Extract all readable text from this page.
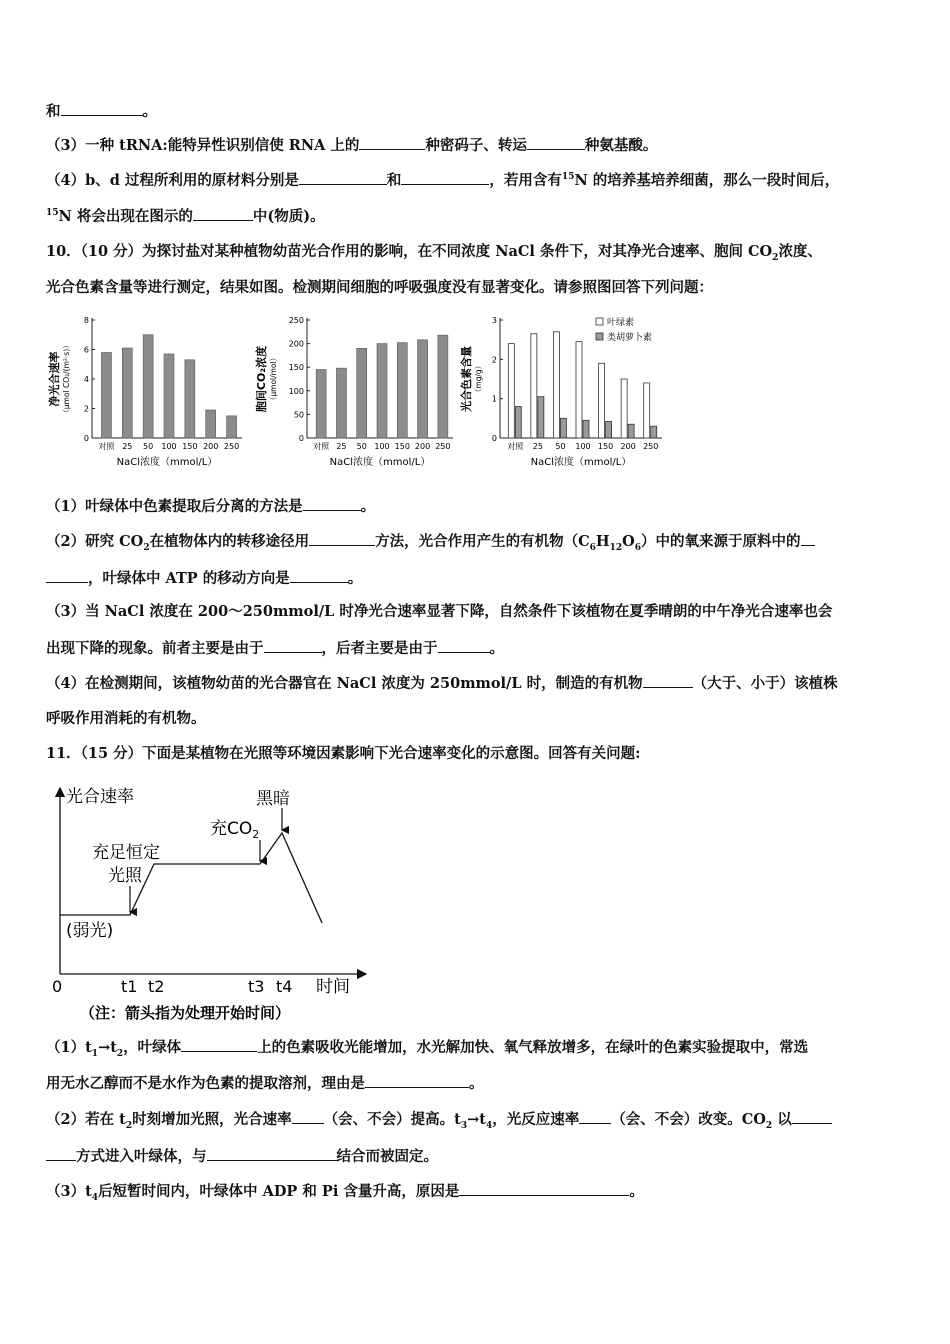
和	。
（3）一种 tRNA:能特异性识别信使 RNA 上的	种密码子、转运	种氨基酸。
（4）b、d 过程所利用的原材料分别是	和	，若用含有$^{15}$N 的培养基培养细菌，那么一段时间后，
$^{15}$N 将会出现在图示的	中(物质)。
10．（10 分）为探讨盐对某种植物幼苗光合作用的影响，在不同浓度 NaCl 条件下，对其净光合速率、胞间 $CO_2$浓度、
光合色素含量等进行测定，结果如图。检测期间细胞的呼吸强度没有显著变化。请参照图回答下列问题：
0
2
4
6
8
净光合速率 （μmol CO₂/(m²·s)）
对照 25 50 100 150 200 250
NaCl浓度（mmol/L）
0
50
100
150
200
250
胞间CO₂浓度 （μmol/mol）
对照 25 50 100 150 200 250
NaCl浓度（mmol/L）
0
1
2
3
光合色素含量 （mg/g）
对照 25 50 100 150 200 250
NaCl浓度（mmol/L）
叶绿素
类胡萝卜素
（1）叶绿体中色素提取后分离的方法是	。
（2）研究 $CO_2$在植物体内的转移途径用	方法，光合作用产生的有机物$(C_6H_{12}O_6)$中的氧来源于原料中的
，叶绿体中 ATP 的移动方向是	。
（3）当 NaCl 浓度在 200～250mmol/L 时净光合速率显著下降，自然条件下该植物在夏季晴朗的中午净光合速率也会
出现下降的现象。前者主要是由于	，后者主要是由于	。
（4）在检测期间，该植物幼苗的光合器官在 NaCl 浓度为 250mmol/L 时，制造的有机物	（大于、小于）该植株
呼吸作用消耗的有机物。
11．（15 分）下面是某植物在光照等环境因素影响下光合速率变化的示意图。回答有关问题:
光合速率
时间
0	t1 t2	t3 t4
(弱光)
充足恒定
光照
充$CO_2$
黑暗
（注：箭头指为处理开始时间）
$(1)t_1\to t_2$，叶绿体	上的色素吸收光能增加，水光解加快、氧气释放增多，在绿叶的色素实验提取中，常选
用无水乙醇而不是水作为色素的提取溶剂，理由是	。
（2）若在 $t_2$时刻增加光照，光合速率 （会、不会）提高。$t_3\to t_4$，光反应速率 （会、不会）改变。$CO_2$ 以
方式进入叶绿体，与	结合而被固定。
$(3)t_4$后短暂时间内，叶绿体中 ADP 和 Pi 含量升高，原因是	。
